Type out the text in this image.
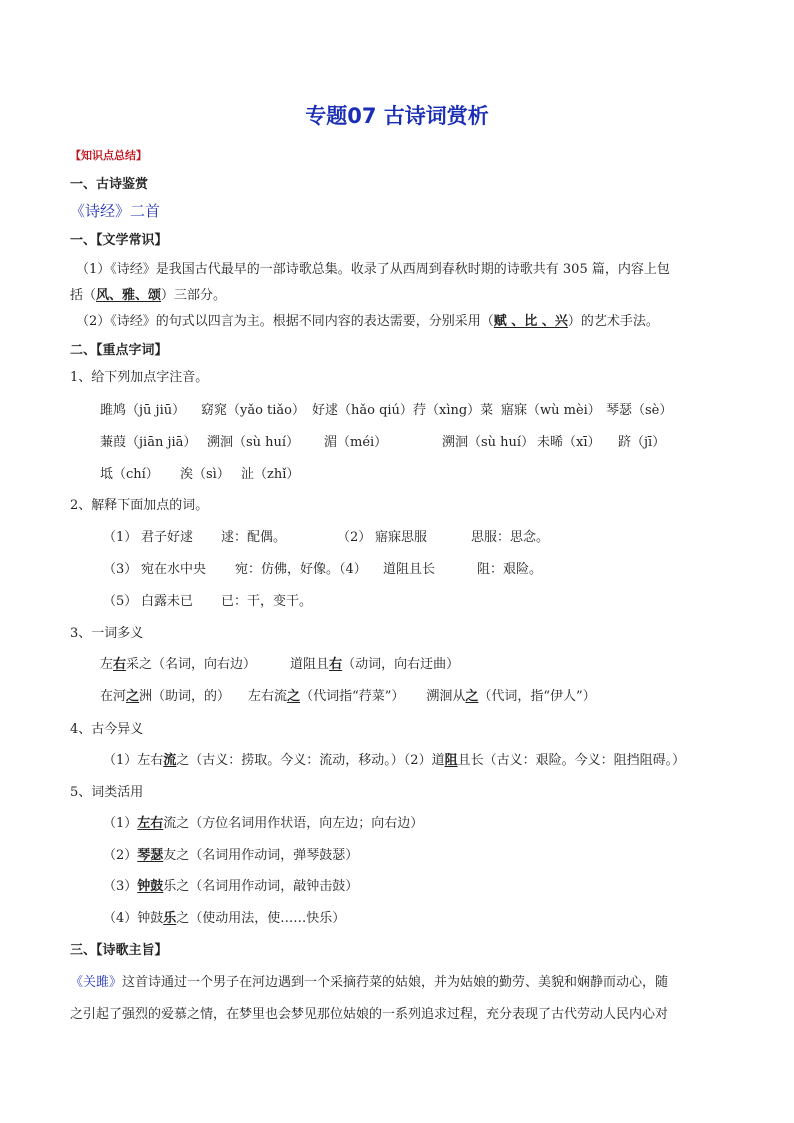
专题07 古诗词赏析
【知识点总结】
一、古诗鉴赏
《诗经》二首
一、【文学常识】
（1）《诗经》是我国古代最早的一部诗歌总集。收录了从西周到春秋时期的诗歌共有 305 篇，内容上包
括（风、雅、颂）三部分。
（2）《诗经》的句式以四言为主。根据不同内容的表达需要，分别采用（赋 、比 、兴）的艺术手法。
二、【重点字词】
1、给下列加点字注音。
雎鸠（jū jiū） 窈窕（yǎo tiǎo） 好逑（hǎo qiú） 荇（xìng）菜 寤寐（wù mèi） 琴瑟（sè）
蒹葭（jiān jiā） 溯洄（sù huí） 湄（méi）	溯洄（sù huí） 未晞（xī） 跻（jī）
坻（chí） 涘（sì） 沚（zhǐ）
2、解释下面加点的词。
（1） 君子好逑 逑：配偶。	（2） 寤寐思服	思服：思念。
（3） 宛在水中央 宛：仿佛，好像。（4） 道阻且长	阻：艰险。
（5） 白露未已 已：干，变干。
3、一词多义
左右采之（名词，向右边）	道阻且右（动词，向右迂曲）
在河之洲（助词，的） 左右流之（代词指“荇菜”） 溯洄从之（代词，指“伊人”）
4、古今异义
（1）左右流之（古义：捞取。今义：流动，移动。）（2）道阻且长（古义：艰险。今义：阻挡阻碍。）
5、词类活用
（1）左右流之（方位名词用作状语，向左边；向右边）
（2）琴瑟友之（名词用作动词，弹琴鼓瑟）
（3）钟鼓乐之（名词用作动词，敲钟击鼓）
（4）钟鼓乐之（使动用法，使……快乐）
三、【诗歌主旨】
《关雎》这首诗通过一个男子在河边遇到一个采摘荇菜的姑娘，并为姑娘的勤劳、美貌和娴静而动心，随
之引起了强烈的爱慕之情，在梦里也会梦见那位姑娘的一系列追求过程，充分表现了古代劳动人民内心对
